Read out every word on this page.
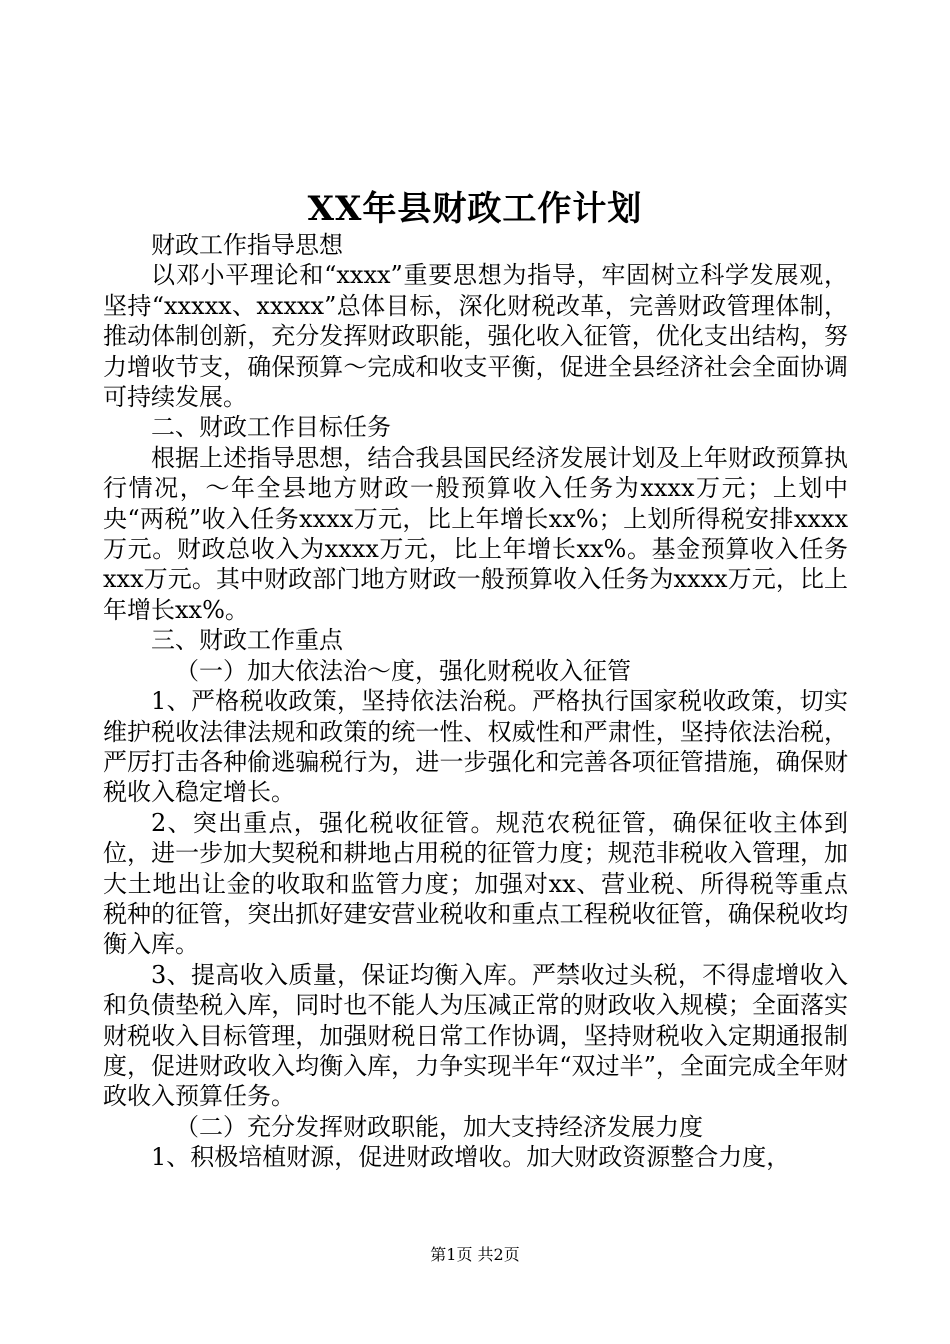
XX年县财政工作计划

财政工作指导思想

以邓小平理论和“xxxx”重要思想为指导，牢固树立科学发展观，坚持“xxxxx、xxxxx”总体目标，深化财税改革，完善财政管理体制，推动体制创新，充分发挥财政职能，强化收入征管，优化支出结构，努力增收节支，确保预算～完成和收支平衡，促进全县经济社会全面协调可持续发展。

二、财政工作目标任务

根据上述指导思想，结合我县国民经济发展计划及上年财政预算执行情况，～年全县地方财政一般预算收入任务为xxxx万元；上划中央“两税”收入任务xxxx万元，比上年增长xx%；上划所得税安排xxxx万元。财政总收入为xxxx万元，比上年增长xx%。基金预算收入任务xxx万元。其中财政部门地方财政一般预算收入任务为xxxx万元，比上年增长xx%。

三、财政工作重点

（一）加大依法治～度，强化财税收入征管

1、严格税收政策，坚持依法治税。严格执行国家税收政策，切实维护税收法律法规和政策的统一性、权威性和严肃性，坚持依法治税，严厉打击各种偷逃骗税行为，进一步强化和完善各项征管措施，确保财税收入稳定增长。

2、突出重点，强化税收征管。规范农税征管，确保征收主体到位，进一步加大契税和耕地占用税的征管力度；规范非税收入管理，加大土地出让金的收取和监管力度；加强对xx、营业税、所得税等重点税种的征管，突出抓好建安营业税收和重点工程税收征管，确保税收均衡入库。

3、提高收入质量，保证均衡入库。严禁收过头税，不得虚增收入和负债垫税入库，同时也不能人为压减正常的财政收入规模；全面落实财税收入目标管理，加强财税日常工作协调，坚持财税收入定期通报制度，促进财政收入均衡入库，力争实现半年“双过半”，全面完成全年财政收入预算任务。

（二）充分发挥财政职能，加大支持经济发展力度

1、积极培植财源，促进财政增收。加大财政资源整合力度，

第1页 共2页
